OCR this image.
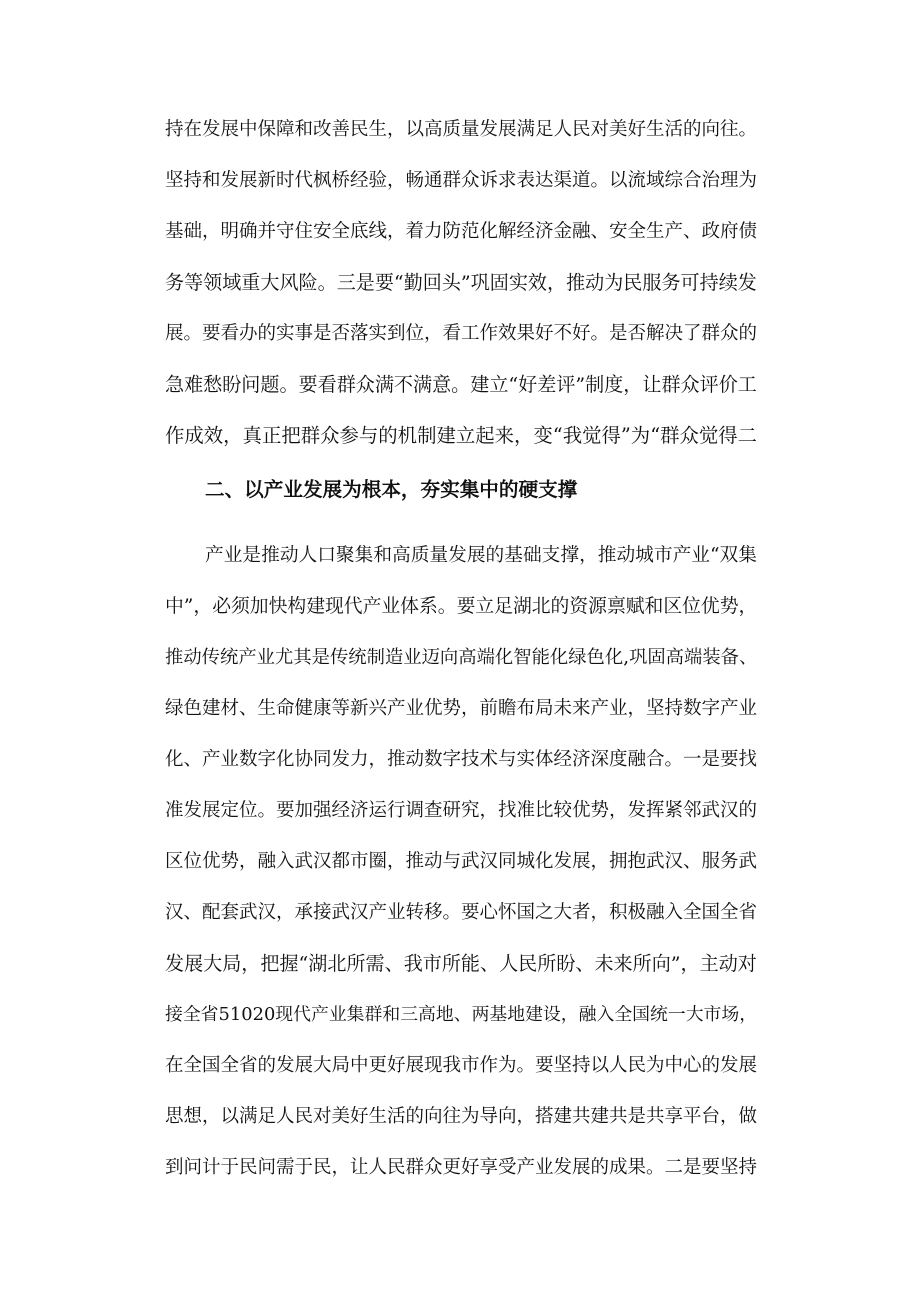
持在发展中保障和改善民生，以高质量发展满足人民对美好生活的向往。
坚持和发展新时代枫桥经验，畅通群众诉求表达渠道。以流域综合治理为
基础，明确并守住安全底线，着力防范化解经济金融、安全生产、政府债
务等领域重大风险。三是要“勤回头”巩固实效，推动为民服务可持续发
展。要看办的实事是否落实到位，看工作效果好不好。是否解决了群众的
急难愁盼问题。要看群众满不满意。建立“好差评”制度，让群众评价工
作成效，真正把群众参与的机制建立起来，变“我觉得”为“群众觉得二
二、以产业发展为根本，夯实集中的硬支撑
产业是推动人口聚集和高质量发展的基础支撑，推动城市产业“双集
中”，必须加快构建现代产业体系。要立足湖北的资源禀赋和区位优势，
推动传统产业尤其是传统制造业迈向高端化智能化绿色化,巩固高端装备、
绿色建材、生命健康等新兴产业优势，前瞻布局未来产业，坚持数字产业
化、产业数字化协同发力，推动数字技术与实体经济深度融合。一是要找
准发展定位。要加强经济运行调查研究，找准比较优势，发挥紧邻武汉的
区位优势，融入武汉都市圈，推动与武汉同城化发展，拥抱武汉、服务武
汉、配套武汉，承接武汉产业转移。要心怀国之大者，积极融入全国全省
发展大局，把握“湖北所需、我市所能、人民所盼、未来所向”，主动对
接全省51020现代产业集群和三高地、两基地建设，融入全国统一大市场，
在全国全省的发展大局中更好展现我市作为。要坚持以人民为中心的发展
思想，以满足人民对美好生活的向往为导向，搭建共建共是共享平台，做
到问计于民问需于民，让人民群众更好享受产业发展的成果。二是要坚持
